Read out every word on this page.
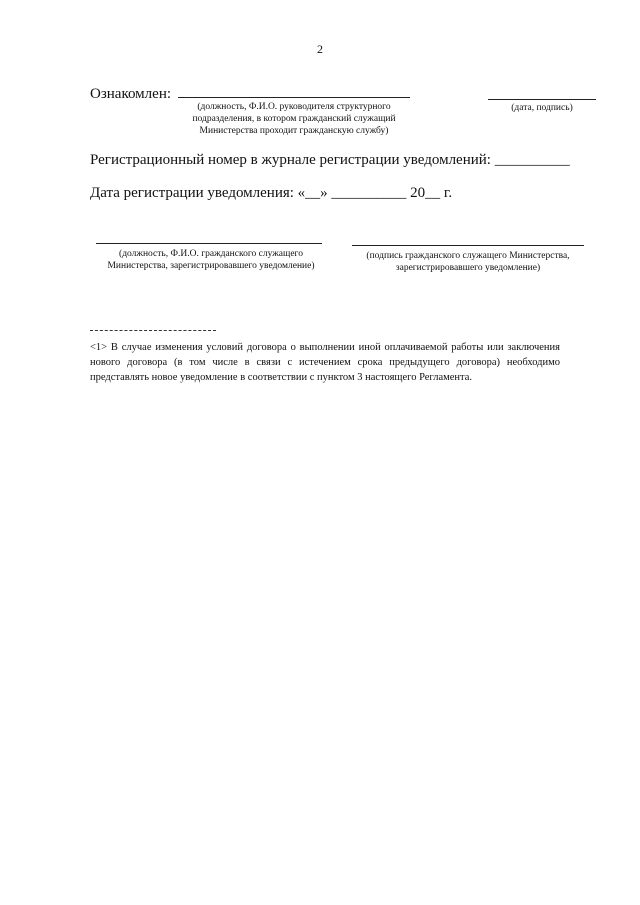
2
Ознакомлен:
(должность, Ф.И.О. руководителя структурного
подразделения, в котором гражданский служащий
Министерства проходит гражданскую службу)
(дата, подпись)
Регистрационный номер в журнале регистрации уведомлений: __________
Дата регистрации уведомления: «__» __________ 20__ г.
(должность, Ф.И.О. гражданского служащего
Министерства, зарегистрировавшего уведомление)
(подпись гражданского служащего Министерства,
зарегистрировавшего уведомление)
<1> В случае изменения условий договора о выполнении иной оплачиваемой работы или заключения нового договора (в том числе в связи с истечением срока предыдущего договора) необходимо представлять новое уведомление в соответствии с пунктом 3 настоящего Регламента.
